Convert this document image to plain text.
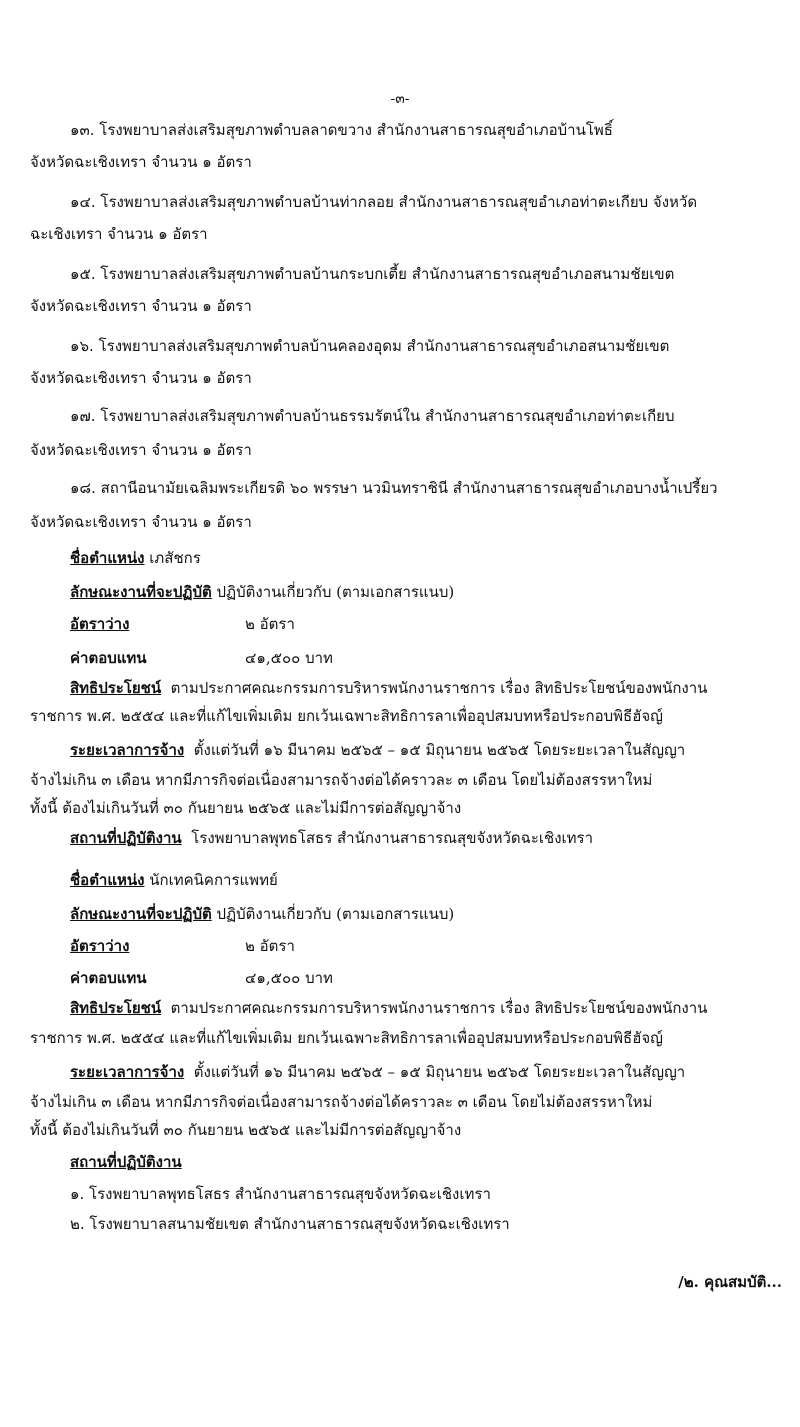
-๓-
๑๓. โรงพยาบาลส่งเสริมสุขภาพตำบลลาดขวาง สำนักงานสาธารณสุขอำเภอบ้านโพธิ์
จังหวัดฉะเชิงเทรา จำนวน ๑ อัตรา
๑๔. โรงพยาบาลส่งเสริมสุขภาพตำบลบ้านท่ากลอย สำนักงานสาธารณสุขอำเภอท่าตะเกียบ จังหวัด
ฉะเชิงเทรา จำนวน ๑ อัตรา
๑๕. โรงพยาบาลส่งเสริมสุขภาพตำบลบ้านกระบกเตี้ย สำนักงานสาธารณสุขอำเภอสนามชัยเขต
จังหวัดฉะเชิงเทรา จำนวน ๑ อัตรา
๑๖. โรงพยาบาลส่งเสริมสุขภาพตำบลบ้านคลองอุดม สำนักงานสาธารณสุขอำเภอสนามชัยเขต
จังหวัดฉะเชิงเทรา จำนวน ๑ อัตรา
๑๗. โรงพยาบาลส่งเสริมสุขภาพตำบลบ้านธรรมรัตน์ใน สำนักงานสาธารณสุขอำเภอท่าตะเกียบ
จังหวัดฉะเชิงเทรา จำนวน ๑ อัตรา
๑๘. สถานีอนามัยเฉลิมพระเกียรติ ๖๐ พรรษา นวมินทราชินี สำนักงานสาธารณสุขอำเภอบางน้ำเปรี้ยว
จังหวัดฉะเชิงเทรา จำนวน ๑ อัตรา
ชื่อตำแหน่ง เภสัชกร
ลักษณะงานที่จะปฏิบัติ ปฏิบัติงานเกี่ยวกับ (ตามเอกสารแนบ)
อัตราว่าง	๒ อัตรา
ค่าตอบแทน	๔๑,๕๐๐ บาท
สิทธิประโยชน์ ตามประกาศคณะกรรมการบริหารพนักงานราชการ เรื่อง สิทธิประโยชน์ของพนักงาน
ราชการ พ.ศ. ๒๕๕๔ และที่แก้ไขเพิ่มเติม ยกเว้นเฉพาะสิทธิการลาเพื่ออุปสมบทหรือประกอบพิธีฮัจญ์
ระยะเวลาการจ้าง ตั้งแต่วันที่ ๑๖ มีนาคม ๒๕๖๕ – ๑๕ มิถุนายน ๒๕๖๕ โดยระยะเวลาในสัญญา
จ้างไม่เกิน ๓ เดือน หากมีภารกิจต่อเนื่องสามารถจ้างต่อได้คราวละ ๓ เดือน โดยไม่ต้องสรรหาใหม่
ทั้งนี้ ต้องไม่เกินวันที่ ๓๐ กันยายน ๒๕๖๕ และไม่มีการต่อสัญญาจ้าง
สถานที่ปฏิบัติงาน โรงพยาบาลพุทธโสธร สำนักงานสาธารณสุขจังหวัดฉะเชิงเทรา
ชื่อตำแหน่ง นักเทคนิคการแพทย์
ลักษณะงานที่จะปฏิบัติ ปฏิบัติงานเกี่ยวกับ (ตามเอกสารแนบ)
อัตราว่าง	๒ อัตรา
ค่าตอบแทน	๔๑,๕๐๐ บาท
สิทธิประโยชน์ ตามประกาศคณะกรรมการบริหารพนักงานราชการ เรื่อง สิทธิประโยชน์ของพนักงาน
ราชการ พ.ศ. ๒๕๕๔ และที่แก้ไขเพิ่มเติม ยกเว้นเฉพาะสิทธิการลาเพื่ออุปสมบทหรือประกอบพิธีฮัจญ์
ระยะเวลาการจ้าง ตั้งแต่วันที่ ๑๖ มีนาคม ๒๕๖๕ – ๑๕ มิถุนายน ๒๕๖๕ โดยระยะเวลาในสัญญา
จ้างไม่เกิน ๓ เดือน หากมีภารกิจต่อเนื่องสามารถจ้างต่อได้คราวละ ๓ เดือน โดยไม่ต้องสรรหาใหม่
ทั้งนี้ ต้องไม่เกินวันที่ ๓๐ กันยายน ๒๕๖๕ และไม่มีการต่อสัญญาจ้าง
สถานที่ปฏิบัติงาน
๑. โรงพยาบาลพุทธโสธร สำนักงานสาธารณสุขจังหวัดฉะเชิงเทรา
๒. โรงพยาบาลสนามชัยเขต สำนักงานสาธารณสุขจังหวัดฉะเชิงเทรา
/๒. คุณสมบัติ...
